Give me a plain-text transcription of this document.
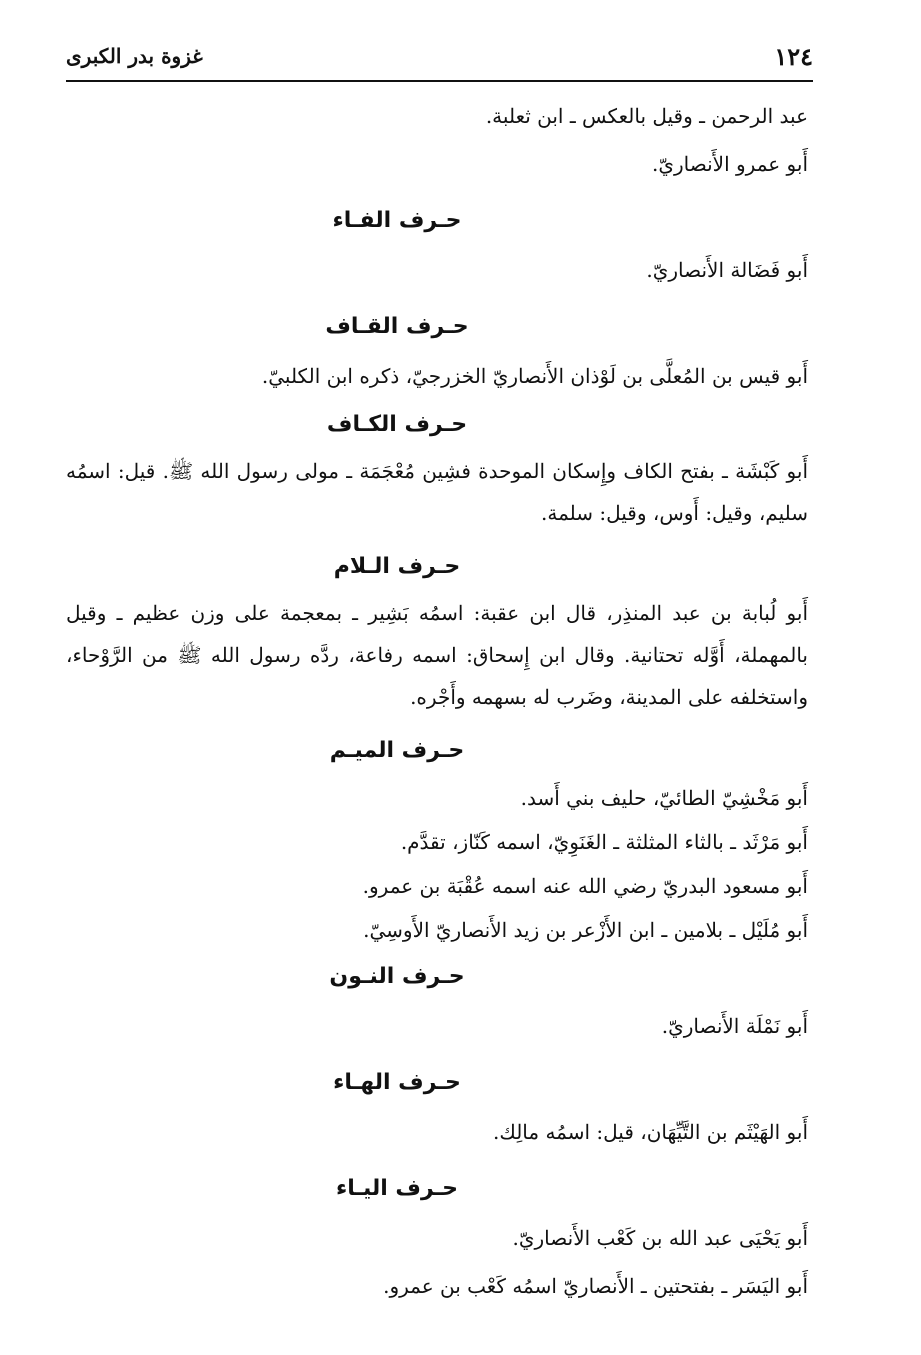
١٢٤
غزوة بدر الكبرى

عبد الرحمن ـ وقيل بالعكس ـ ابن ثعلبة.

أَبو عمرو الأَنصاريّ.

حـرف الفـاء

أَبو فَضَالة الأَنصاريّ.

حـرف القـاف

أَبو قيس بن المُعلَّى بن لَوْذان الأَنصاريّ الخزرجيّ، ذكره ابن الكلبيّ.

حـرف الكـاف

أَبو كَبْشَة ـ بفتح الكاف وإِسكان الموحدة فشِين مُعْجَمَة ـ مولى رسول الله ﷺ. قيل: اسمُه سليم، وقيل: أَوس، وقيل: سلمة.

حـرف الـلام

أَبو لُبابة بن عبد المنذِر، قال ابن عقبة: اسمُه بَشِير ـ بمعجمة على وزن عظيم ـ وقيل بالمهملة، أَوَّله تحتانية. وقال ابن إِسحاق: اسمه رفاعة، ردَّه رسول الله ﷺ من الرَّوْحاء، واستخلفه على المدينة، وضَرب له بسهمه وأَجْره.

حـرف الميـم

أَبو مَخْشِيّ الطائيّ، حليف بني أَسد.

أَبو مَرْثَد ـ بالثاء المثلثة ـ الغَنَوِيّ، اسمه كَنّاز، تقدَّم.

أَبو مسعود البدريّ رضي الله عنه اسمه عُقْبَة بن عمرو.

أَبو مُلَيْل ـ بلامين ـ ابن الأَزْعر بن زيد الأَنصاريّ الأَوسِيّ.

حـرف النـون

أَبو نَمْلَة الأَنصاريّ.

حـرف الهـاء

أَبو الهَيْثَم بن التَّيِّهَان، قيل: اسمُه مالِك.

حـرف اليـاء

أَبو يَحْيَى عبد الله بن كَعْب الأَنصاريّ.

أَبو اليَسَر ـ بفتحتين ـ الأَنصاريّ اسمُه كَعْب بن عمرو.
